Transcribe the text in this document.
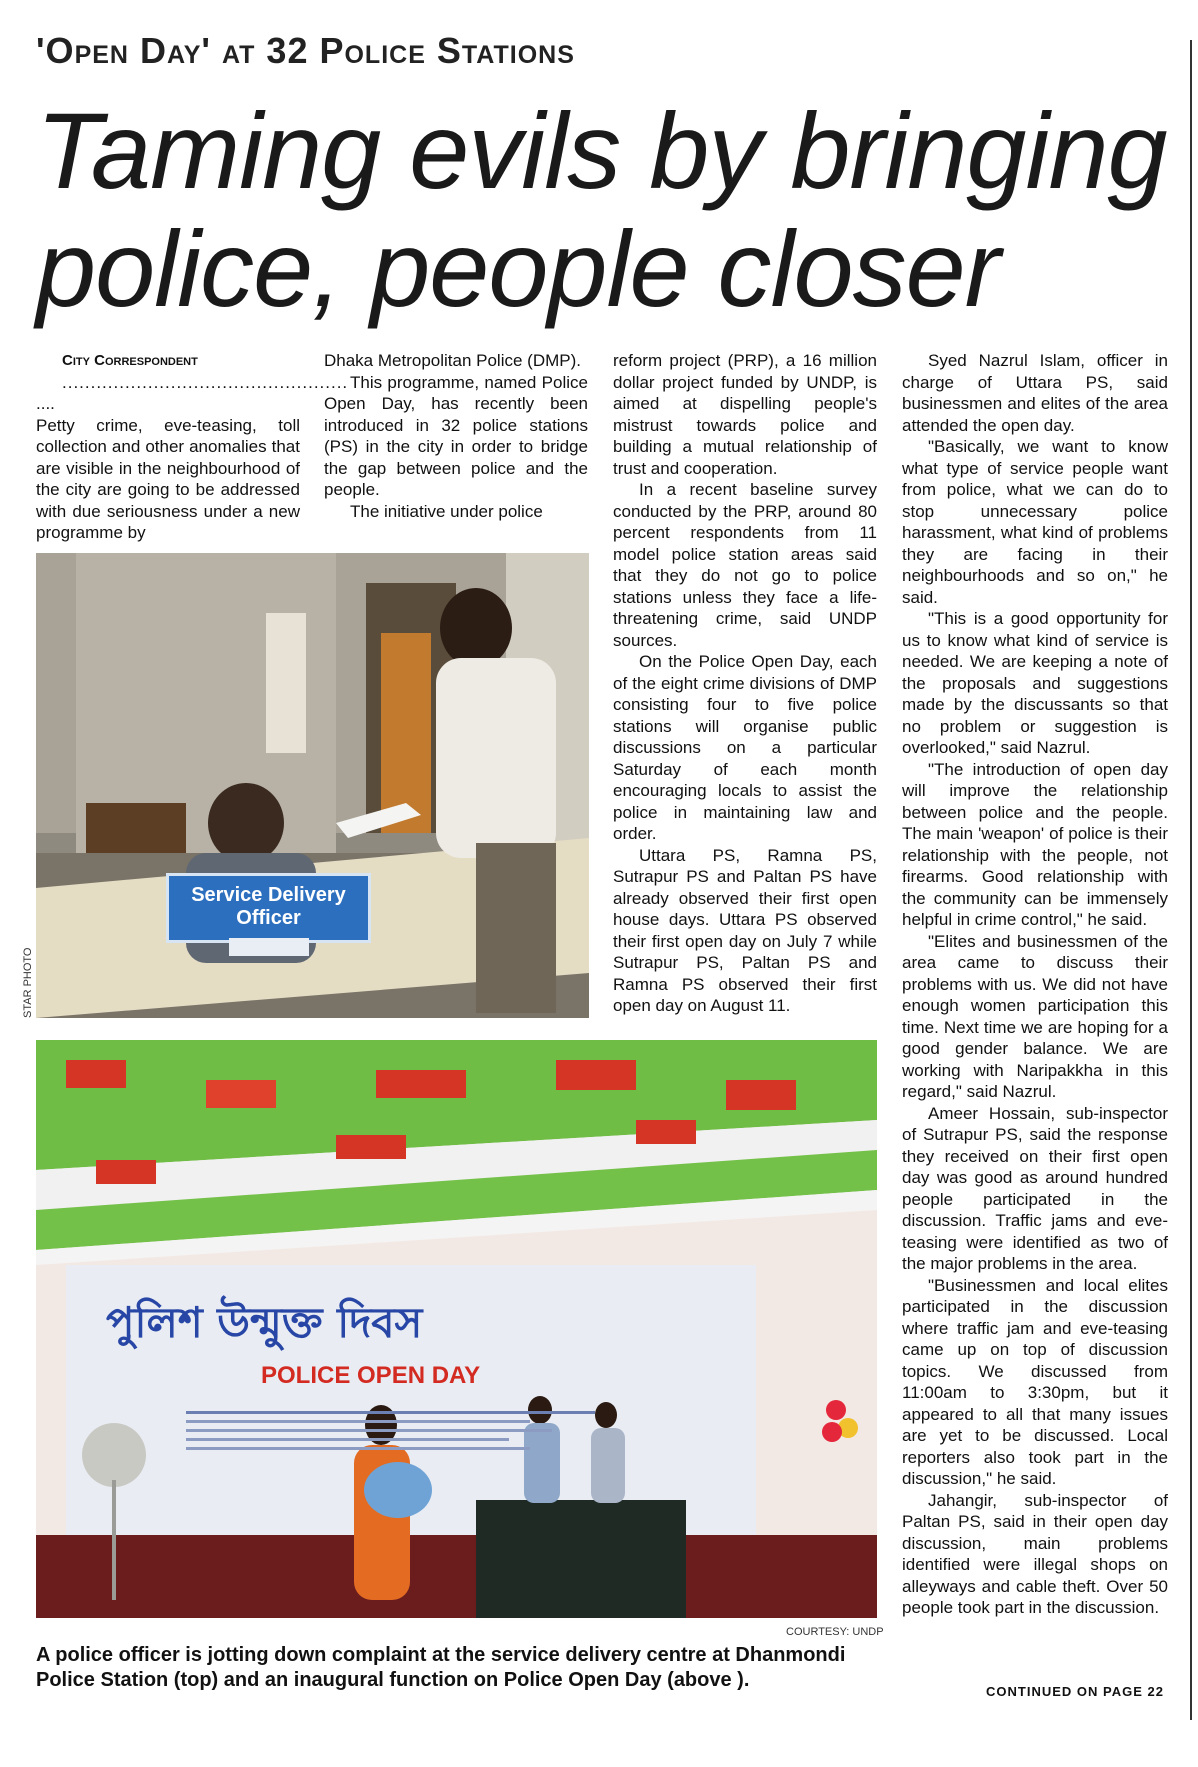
'Open Day' at 32 Police Stations
Taming evils by bringing
police, people closer

City Correspondent

..................................................

....

Petty crime, eve-teasing, toll collection and other anomalies that are visible in the neighbourhood of the city are going to be addressed with due seriousness under a new programme by

Dhaka Metropolitan Police (DMP).

This programme, named Police Open Day, has recently been introduced in 32 police stations (PS) in the city in order to bridge the gap between police and the people.

The initiative under police

reform project (PRP), a 16 million dollar project funded by UNDP, is aimed at dispelling people's mistrust towards police and building a mutual relationship of trust and cooperation.

In a recent baseline survey conducted by the PRP, around 80 percent respondents from 11 model police station areas said that they do not go to police stations unless they face a life-threatening crime, said UNDP sources.

On the Police Open Day, each of the eight crime divisions of DMP consisting four to five police stations will organise public discussions on a particular Saturday of each month encouraging locals to assist the police in maintaining law and order.

Uttara PS, Ramna PS, Sutrapur PS and Paltan PS have already observed their first open house days. Uttara PS observed their first open day on July 7 while Sutrapur PS, Paltan PS and Ramna PS observed their first open day on August 11.

Syed Nazrul Islam, officer in charge of Uttara PS, said businessmen and elites of the area attended the open day.

"Basically, we want to know what type of service people want from police, what we can do to stop unnecessary police harassment, what kind of problems they are facing in their neighbourhoods and so on," he said.

"This is a good opportunity for us to know what kind of service is needed. We are keeping a note of the proposals and suggestions made by the discussants so that no problem or suggestion is overlooked," said Nazrul.

"The introduction of open day will improve the relationship between police and the people. The main 'weapon' of police is their relationship with the people, not firearms. Good relationship with the community can be immensely helpful in crime control," he said.

"Elites and businessmen of the area came to discuss their problems with us. We did not have enough women participation this time. Next time we are hoping for a good gender balance. We are working with Naripakkha in this regard," said Nazrul.

Ameer Hossain, sub-inspector of Sutrapur PS, said the response they received on their first open day was good as around hundred people participated in the discussion. Traffic jams and eve-teasing were identified as two of the major problems in the area.

"Businessmen and local elites participated in the discussion where traffic jam and eve-teasing came up on top of discussion topics. We discussed from 11:00am to 3:30pm, but it appeared to all that many issues are yet to be discussed. Local reporters also took part in the discussion," he said.

Jahangir, sub-inspector of Paltan PS, said in their open day discussion, main problems identified were illegal shops on alleyways and cable theft. Over 50 people took part in the discussion.

Service Delivery Officer
STAR PHOTO
পুলিশ উন্মুক্ত দিবস
POLICE OPEN DAY
COURTESY: UNDP
A police officer is jotting down complaint at the service delivery centre at Dhanmondi Police Station (top) and an inaugural function on Police Open Day (above ).
CONTINUED ON PAGE 22
